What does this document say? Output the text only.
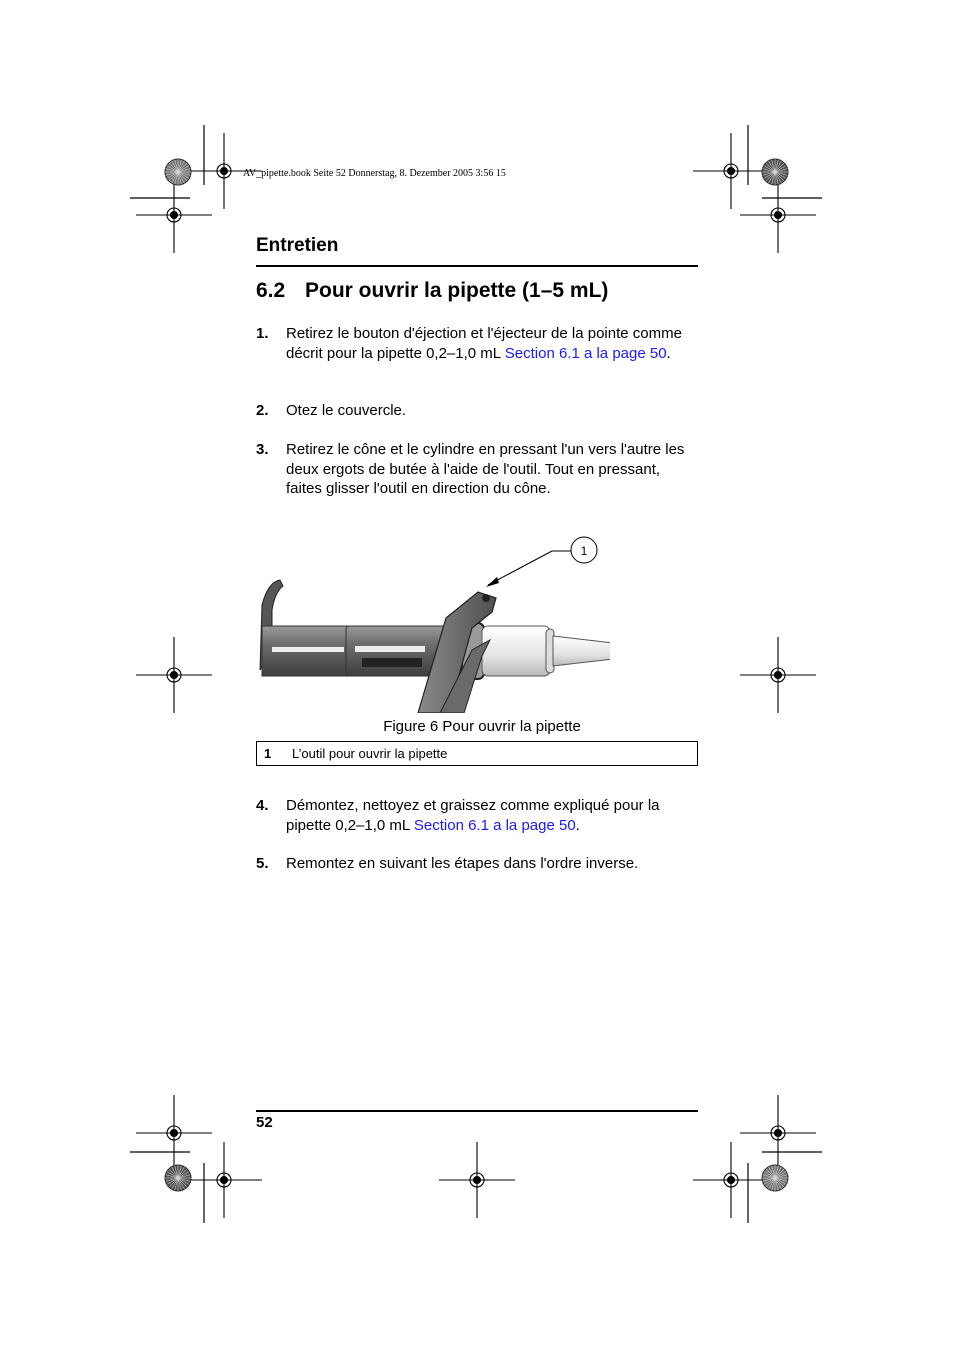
AV_pipette.book Seite 52 Donnerstag, 8. Dezember 2005 3:56 15
Entretien
6.2 Pour ouvrir la pipette (1–5 mL)
1. Retirez le bouton d'éjection et l'éjecteur de la pointe comme décrit pour la pipette 0,2–1,0 mL Section 6.1 a la page 50.
2. Otez le couvercle.
3. Retirez le cône et le cylindre en pressant l'un vers l'autre les deux ergots de butée à l'aide de l'outil. Tout en pressant, faites glisser l'outil en direction du cône.
1
Figure 6 Pour ouvrir la pipette
1 L’outil pour ouvrir la pipette
4. Démontez, nettoyez et graissez comme expliqué pour la pipette 0,2–1,0 mL Section 6.1 a la page 50.
5. Remontez en suivant les étapes dans l'ordre inverse.
52
